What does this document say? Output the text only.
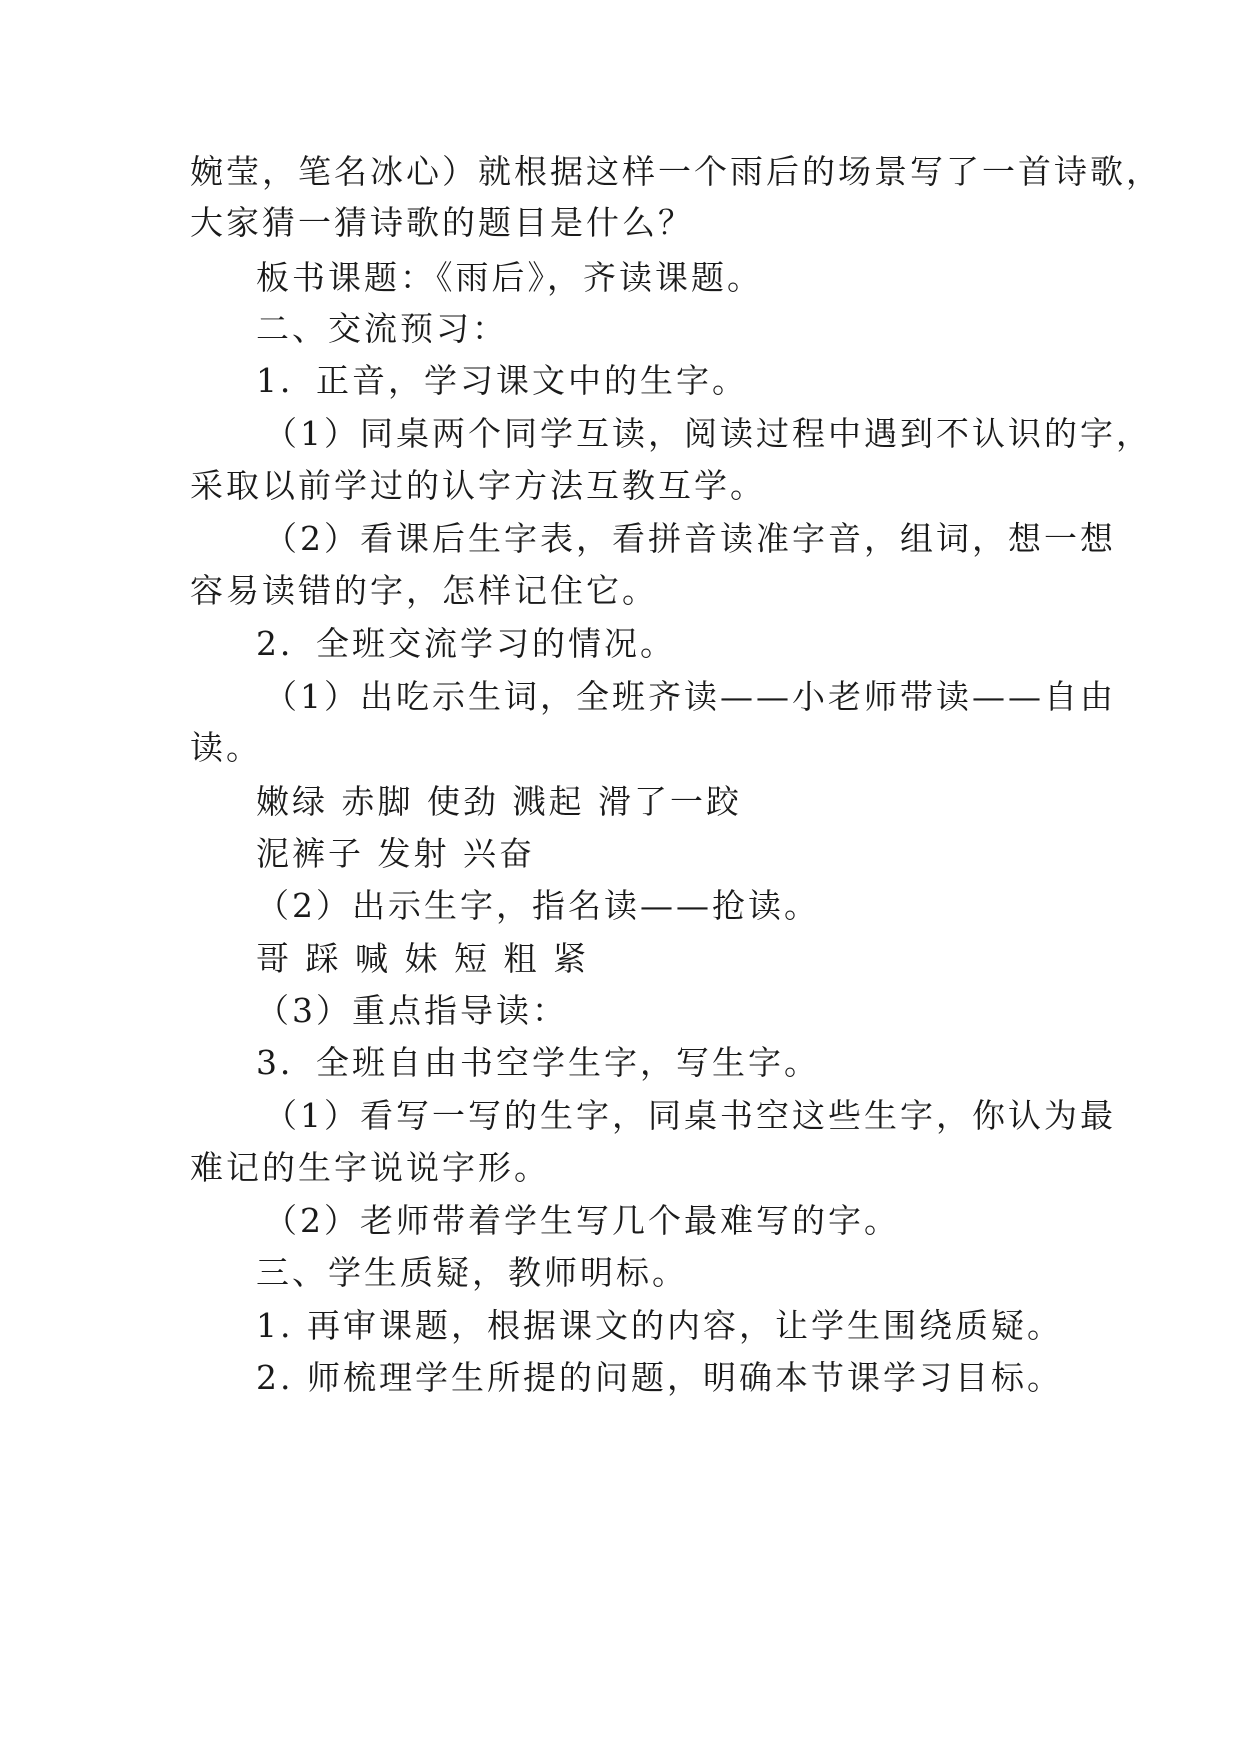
婉莹，笔名冰心）就根据这样一个雨后的场景写了一首诗歌，
大家猜一猜诗歌的题目是什么？
板书课题：《雨后》，齐读课题。
二、交流预习：
1．正音，学习课文中的生字。
（1）同桌两个同学互读，阅读过程中遇到不认识的字，
采取以前学过的认字方法互教互学。
（2）看课后生字表，看拼音读准字音，组词，想一想
容易读错的字，怎样记住它。
2．全班交流学习的情况。
（1）出吃示生词，全班齐读——小老师带读——自由
读。
嫩绿 赤脚 使劲 溅起 滑了一跤
泥裤子 发射 兴奋
（2）出示生字，指名读——抢读。
哥 踩 喊 妹 短 粗 紧
（3）重点指导读：
3．全班自由书空学生字，写生字。
（1）看写一写的生字，同桌书空这些生字，你认为最
难记的生字说说字形。
（2）老师带着学生写几个最难写的字。
三、学生质疑，教师明标。
1. 再审课题，根据课文的内容，让学生围绕质疑。
2. 师梳理学生所提的问题，明确本节课学习目标。
